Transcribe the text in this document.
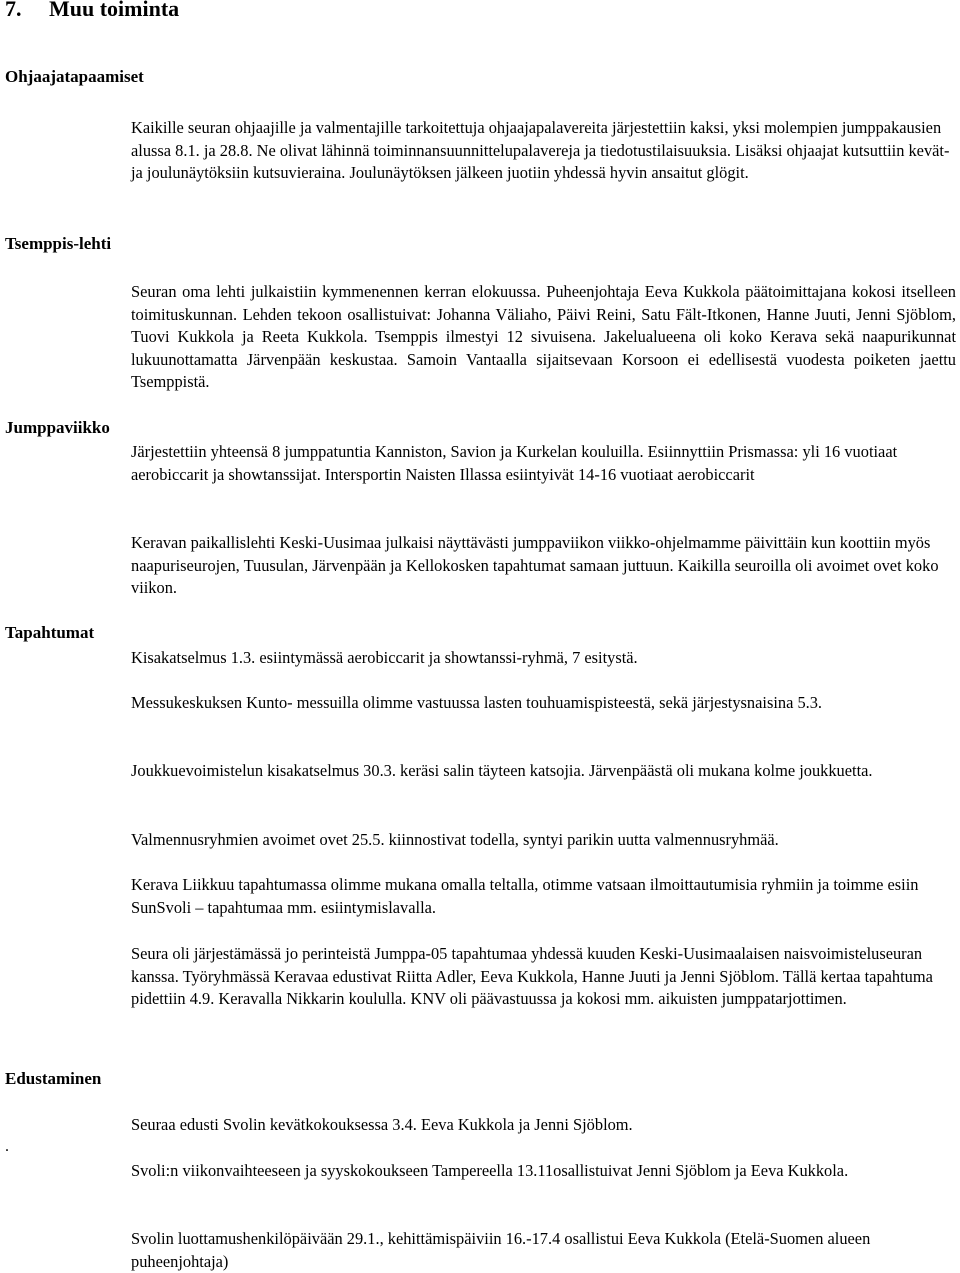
7. Muu toiminta
Ohjaajatapaamiset
Kaikille seuran ohjaajille ja valmentajille tarkoitettuja ohjaajapalavereita järjestettiin kaksi, yksi molempien jumppakausien alussa 8.1. ja 28.8. Ne olivat lähinnä toiminnansuunnittelupalavereja ja tiedotustilaisuuksia. Lisäksi ohjaajat kutsuttiin kevät- ja joulunäytöksiin kutsuvieraina. Joulunäytöksen jälkeen juotiin yhdessä hyvin ansaitut glögit.
Tsemppis-lehti
Seuran oma lehti julkaistiin kymmenennen kerran elokuussa. Puheenjohtaja Eeva Kukkola päätoimittajana kokosi itselleen toimituskunnan. Lehden tekoon osallistuivat: Johanna Väliaho, Päivi Reini, Satu Fält-Itkonen, Hanne Juuti, Jenni Sjöblom, Tuovi Kukkola ja Reeta Kukkola. Tsemppis ilmestyi 12 sivuisena. Jakelualueena oli koko Kerava sekä naapurikunnat lukuunottamatta Järvenpään keskustaa. Samoin Vantaalla sijaitsevaan Korsoon ei edellisestä vuodesta poiketen jaettu Tsemppistä.
Jumppaviikko
Järjestettiin yhteensä 8 jumppatuntia Kanniston, Savion ja Kurkelan kouluilla. Esiinnyttiin Prismassa: yli 16 vuotiaat aerobiccarit ja showtanssijat. Intersportin Naisten Illassa esiintyivät 14-16 vuotiaat aerobiccarit
Keravan paikallislehti Keski-Uusimaa julkaisi näyttävästi jumppaviikon viikko-ohjelmamme päivittäin kun koottiin myös naapuriseurojen, Tuusulan, Järvenpään ja Kellokosken tapahtumat samaan juttuun. Kaikilla seuroilla oli avoimet ovet koko viikon.
Tapahtumat
Kisakatselmus 1.3. esiintymässä aerobiccarit ja showtanssi-ryhmä, 7 esitystä.
Messukeskuksen Kunto- messuilla olimme vastuussa lasten touhuamispisteestä, sekä järjestysnaisina 5.3.
Joukkuevoimistelun kisakatselmus 30.3. keräsi salin täyteen katsojia. Järvenpäästä oli mukana kolme joukkuetta.
Valmennusryhmien avoimet ovet 25.5. kiinnostivat todella, syntyi parikin uutta valmennusryhmää.
Kerava Liikkuu tapahtumassa olimme mukana omalla teltalla, otimme vatsaan ilmoittautumisia ryhmiin ja toimme esiin SunSvoli – tapahtumaa mm. esiintymislavalla.
Seura oli järjestämässä jo perinteistä Jumppa-05 tapahtumaa yhdessä kuuden Keski-Uusimaalaisen naisvoimisteluseuran kanssa. Työryhmässä Keravaa edustivat Riitta Adler, Eeva Kukkola, Hanne Juuti ja Jenni Sjöblom. Tällä kertaa tapahtuma pidettiin 4.9. Keravalla Nikkarin koululla. KNV oli päävastuussa ja kokosi mm. aikuisten jumppatarjottimen.
Edustaminen
.
Seuraa edusti Svolin kevätkokouksessa 3.4. Eeva Kukkola ja Jenni Sjöblom.
Svoli:n viikonvaihteeseen ja syyskokoukseen Tampereella 13.11osallistuivat Jenni Sjöblom ja Eeva Kukkola.
Svolin luottamushenkilöpäivään 29.1., kehittämispäiviin 16.-17.4 osallistui Eeva Kukkola (Etelä-Suomen alueen puheenjohtaja)
